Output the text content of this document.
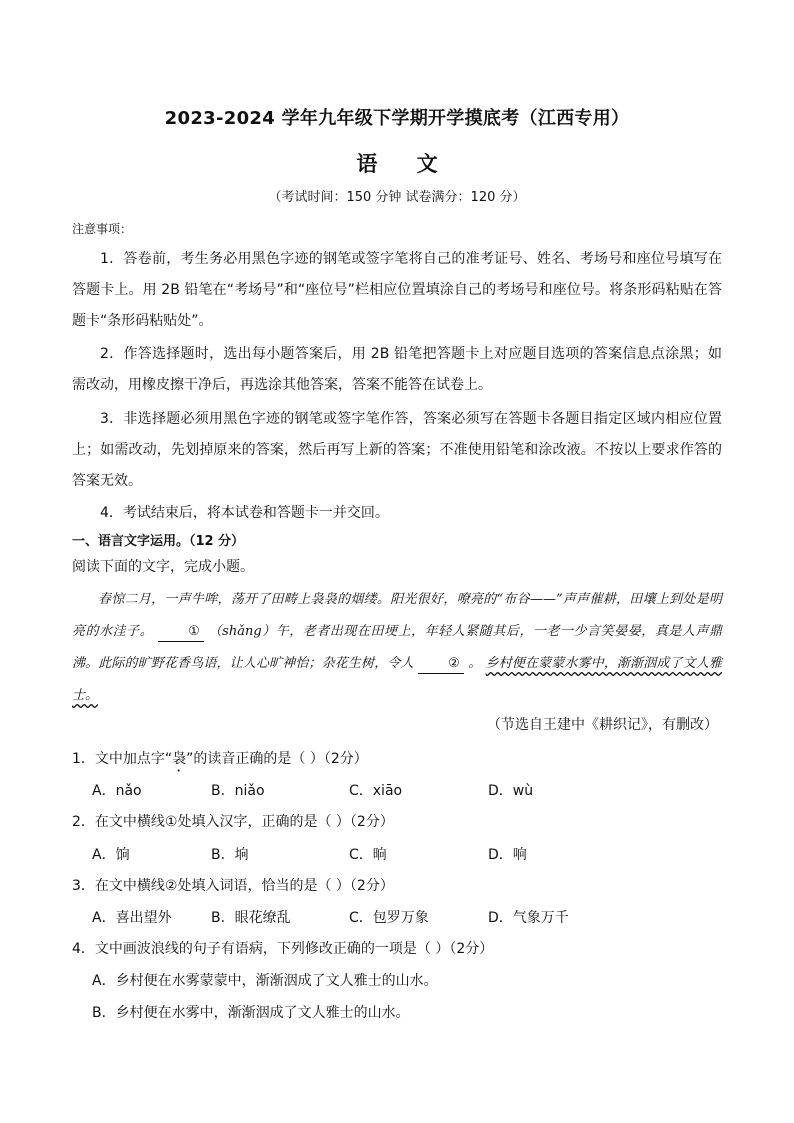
2023-2024 学年九年级下学期开学摸底考（江西专用）
语 文
（考试时间：150 分钟 试卷满分：120 分）
注意事项：
1．答卷前，考生务必用黑色字迹的钢笔或签字笔将自己的准考证号、姓名、考场号和座位号填写在答题卡上。用 2B 铅笔在“考场号”和“座位号”栏相应位置填涂自己的考场号和座位号。将条形码粘贴在答题卡“条形码粘贴处”。
2．作答选择题时，选出每小题答案后，用 2B 铅笔把答题卡上对应题目选项的答案信息点涂黑；如需改动，用橡皮擦干净后，再选涂其他答案，答案不能答在试卷上。
3．非选择题必须用黑色字迹的钢笔或签字笔作答，答案必须写在答题卡各题目指定区域内相应位置上；如需改动，先划掉原来的答案，然后再写上新的答案；不准使用铅笔和涂改液。不按以上要求作答的答案无效。
4．考试结束后，将本试卷和答题卡一并交回。
一、语言文字运用。（12 分）
阅读下面的文字，完成小题。
春惊二月，一声牛哞，荡开了田畴上袅袅的烟缕。阳光很好，嘹亮的“布谷——”声声催耕，田壤上到处是明亮的水洼子。	① （shǎng）午，老者出现在田埂上，年轻人紧随其后，一老一少言笑晏晏，真是人声鼎沸。此际的旷野花香鸟语，让人心旷神怡；杂花生树，令人	② 。 乡村便在蒙蒙水雾中，渐渐洇成了文人雅士。
（节选自王建中《耕织记》，有删改）
1．文中加点字“袅”的读音正确的是（ ）（2分）
A．nǎo	B．niǎo	C．xiāo	D．wù
2．在文中横线①处填入汉字，正确的是（ ）（2分）
A．饷	B．垧	C．晌	D．响
3．在文中横线②处填入词语，恰当的是（ ）（2分）
A．喜出望外	B．眼花缭乱	C．包罗万象	D．气象万千
4．文中画波浪线的句子有语病，下列修改正确的一项是（ ）（2分）
A．乡村便在水雾蒙蒙中，渐渐洇成了文人雅士的山水。
B．乡村便在水雾中，渐渐洇成了文人雅士的山水。
